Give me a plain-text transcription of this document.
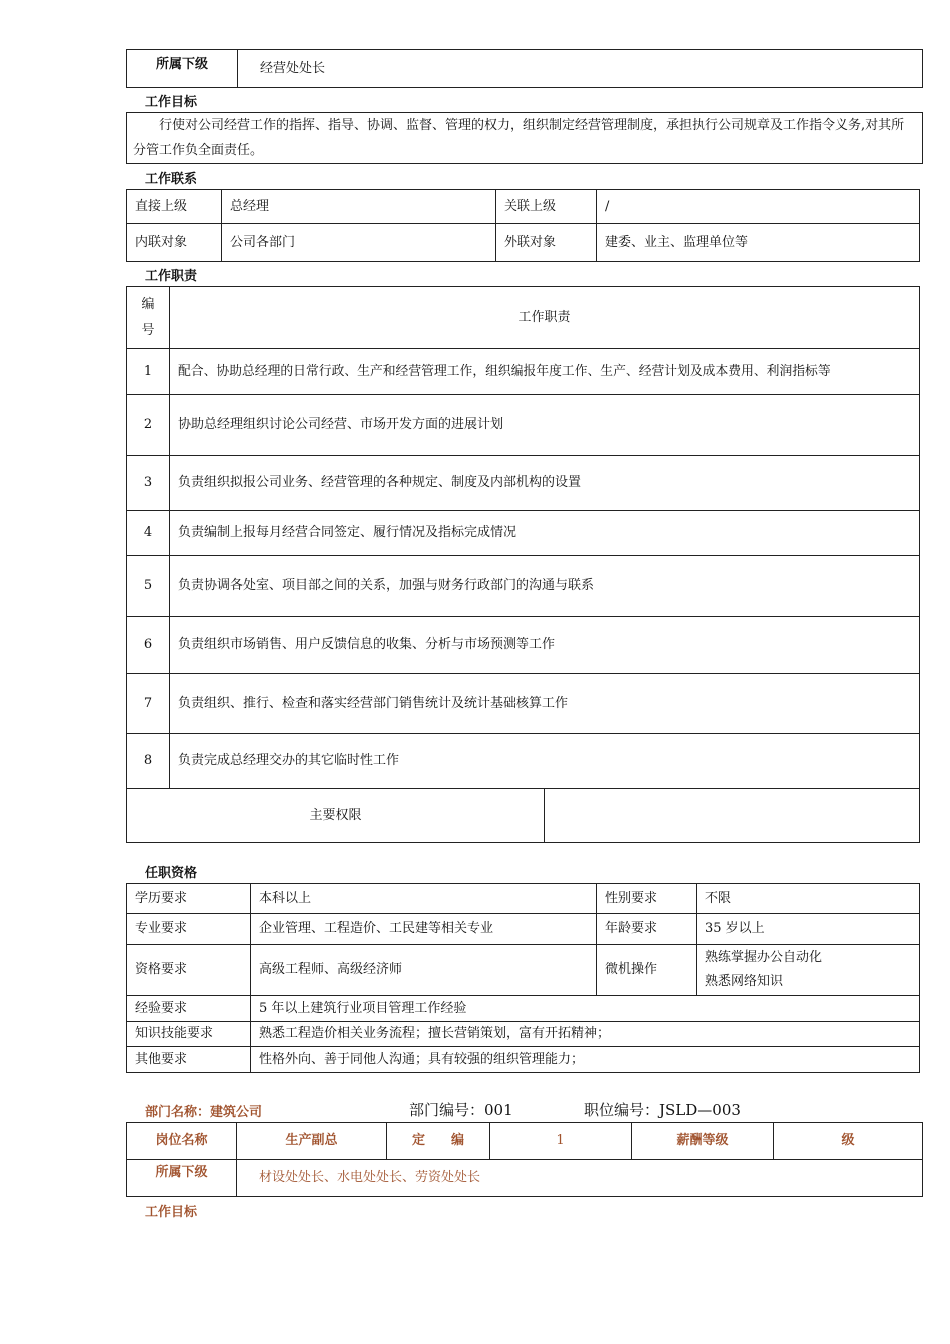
所属下级	经营处处长
工作目标
行使对公司经营工作的指挥、指导、协调、监督、管理的权力，组织制定经营管理制度，承担执行公司规章及工作指令义务,对其所分管工作负全面责任。
工作联系
直接上级	总经理	关联上级	/
内联对象	公司各部门	外联对象	建委、业主、监理单位等
工作职责
编
号	工作职责	
1	配合、协助总经理的日常行政、生产和经营管理工作，组织编报年度工作、生产、经营计划及成本费用、利润指标等	
2	协助总经理组织讨论公司经营、市场开发方面的进展计划	
3	负责组织拟报公司业务、经营管理的各种规定、制度及内部机构的设置	
4	负责编制上报每月经营合同签定、履行情况及指标完成情况	
5	负责协调各处室、项目部之间的关系，加强与财务行政部门的沟通与联系	
6	负责组织市场销售、用户反馈信息的收集、分析与市场预测等工作	
7	负责组织、推行、检查和落实经营部门销售统计及统计基础核算工作	
8	负责完成总经理交办的其它临时性工作	
主要权限		
任职资格
学历要求	本科以上	性别要求	不限
专业要求	企业管理、工程造价、工民建等相关专业	年龄要求	35 岁以上
资格要求	高级工程师、高级经济师	微机操作	熟练掌握办公自动化
熟悉网络知识
经验要求	5 年以上建筑行业项目管理工作经验		
知识技能要求	熟悉工程造价相关业务流程；擅长营销策划，富有开拓精神；		
其他要求	性格外向、善于同他人沟通；具有较强的组织管理能力；		
部门名称：建筑公司	部门编号：001	职位编号：JSLD—003
岗位名称	生产副总	定　　编	1	薪酬等级	级
所属下级	材设处处长、水电处处长、劳资处处长				
工作目标
